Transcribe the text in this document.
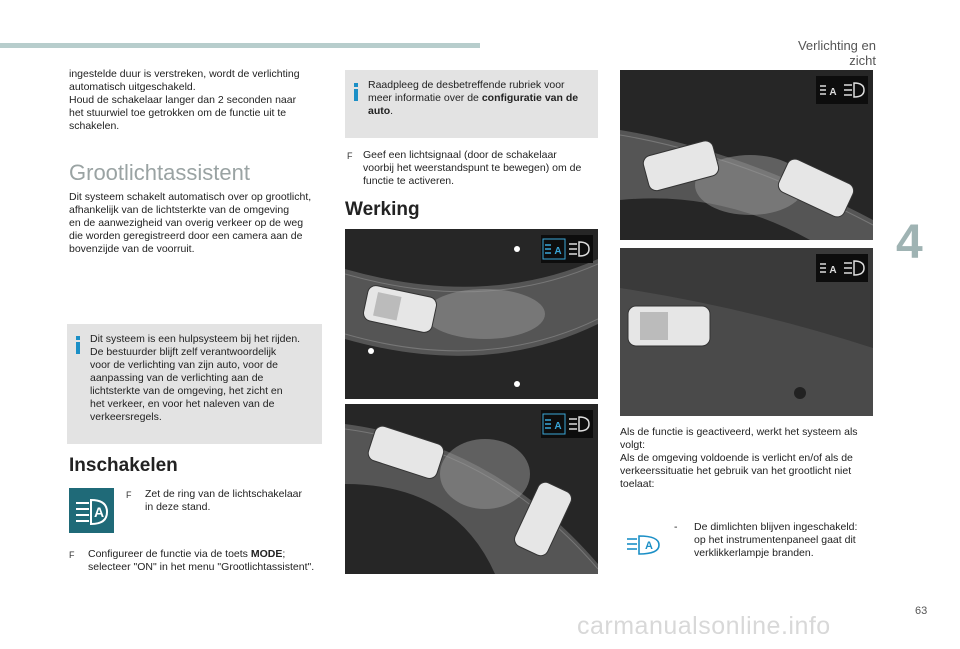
Verlichting en zicht
4

ingestelde duur is verstreken, wordt de verlichting

automatisch uitgeschakeld.

Houd de schakelaar langer dan 2 seconden naar

het stuurwiel toe getrokken om de functie uit te

schakelen.

Grootlichtassistent

Dit systeem schakelt automatisch over op grootlicht,

afhankelijk van de lichtsterkte van de omgeving

en de aanwezigheid van overig verkeer op de weg

die worden geregistreerd door een camera aan de

bovenzijde van de voorruit.

Dit systeem is een hulpsysteem bij het rijden.

De bestuurder blijft zelf verantwoordelijk

voor de verlichting van zijn auto, voor de

aanpassing van de verlichting aan de

lichtsterkte van de omgeving, het zicht en

het verkeer, en voor het naleven van de

verkeersregels.

Inschakelen
A
F Zet de ring van de lichtschakelaar

in deze stand.

F Configureer de functie via de toets MODE;

selecteer "ON" in het menu "Grootlichtassistent".

Raadpleeg de desbetreffende rubriek voor

meer informatie over de configuratie van de

auto.

F Geef een lichtsignaal (door de schakelaar

voorbij het weerstandspunt te bewegen) om de

functie te activeren.

Werking
A
A
A
A

Als de functie is geactiveerd, werkt het systeem als

volgt:

Als de omgeving voldoende is verlicht en/of als de

verkeerssituatie het gebruik van het grootlicht niet

toelaat:

A
- De dimlichten blijven ingeschakeld:

op het instrumentenpaneel gaat dit

verklikkerlampje branden.

63
carmanualsonline.info
